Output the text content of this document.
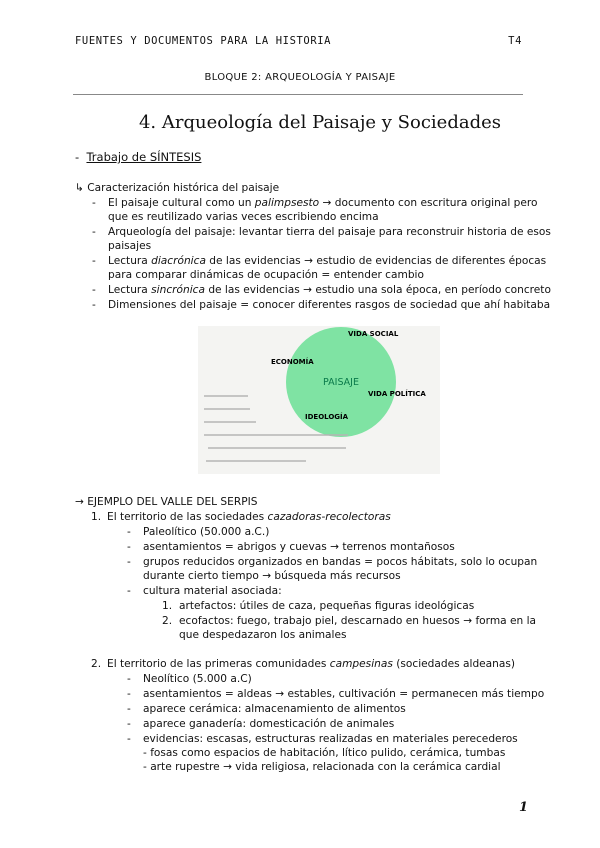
FUENTES Y DOCUMENTOS PARA LA HISTORIA	T4
BLOQUE 2: ARQUEOLOGÍA Y PAISAJE
4. Arqueología del Paisaje y Sociedades
- Trabajo de SÍNTESIS
↳ Caracterización histórica del paisaje
- El paisaje cultural como un palimpsesto → documento con escritura original pero
que es reutilizado varias veces escribiendo encima
- Arqueología del paisaje: levantar tierra del paisaje para reconstruir historia de esos
paisajes
- Lectura diacrónica de las evidencias → estudio de evidencias de diferentes épocas
para comparar dinámicas de ocupación = entender cambio
- Lectura sincrónica de las evidencias → estudio una sola época, en período concreto
- Dimensiones del paisaje = conocer diferentes rasgos de sociedad que ahí habitaba
PAISAJE
VIDA SOCIAL
ECONOMÍA
VIDA POLÍTICA
IDEOLOGÍA
→ EJEMPLO DEL VALLE DEL SERPIS
1. El territorio de las sociedades cazadoras-recolectoras
- Paleolítico (50.000 a.C.)
- asentamientos = abrigos y cuevas → terrenos montañosos
- grupos reducidos organizados en bandas = pocos hábitats, solo lo ocupan
durante cierto tiempo → búsqueda más recursos
- cultura material asociada:
1. artefactos: útiles de caza, pequeñas figuras ideológicas
2. ecofactos: fuego, trabajo piel, descarnado en huesos → forma en la
que despedazaron los animales
2. El territorio de las primeras comunidades campesinas (sociedades aldeanas)
- Neolítico (5.000 a.C)
- asentamientos = aldeas → estables, cultivación = permanecen más tiempo
- aparece cerámica: almacenamiento de alimentos
- aparece ganadería: domesticación de animales
- evidencias: escasas, estructuras realizadas en materiales perecederos
- fosas como espacios de habitación, lítico pulido, cerámica, tumbas
- arte rupestre → vida religiosa, relacionada con la cerámica cardial
1
